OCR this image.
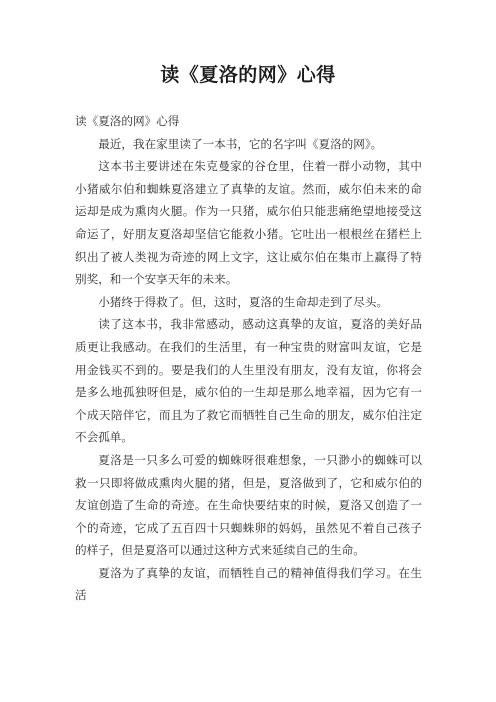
读《夏洛的网》心得

读《夏洛的网》心得

最近，我在家里读了一本书，它的名字叫《夏洛的网》。

这本书主要讲述在朱克曼家的谷仓里，住着一群小动物，其中小猪威尔伯和蜘蛛夏洛建立了真挚的友谊。然而，威尔伯未来的命运却是成为熏肉火腿。作为一只猪，威尔伯只能悲痛绝望地接受这命运了，好朋友夏洛却坚信它能救小猪。它吐出一根根丝在猪栏上织出了被人类视为奇迹的网上文字，这让威尔伯在集市上赢得了特别奖，和一个安享天年的未来。

小猪终于得救了。但，这时，夏洛的生命却走到了尽头。

读了这本书，我非常感动，感动这真挚的友谊，夏洛的美好品质更让我感动。在我们的生活里，有一种宝贵的财富叫友谊，它是用金钱买不到的。要是我们的人生里没有朋友，没有友谊，你将会是多么地孤独呀但是，威尔伯的一生却是那么地幸福，因为它有一个成天陪伴它，而且为了救它而牺牲自己生命的朋友，威尔伯注定不会孤单。

夏洛是一只多么可爱的蜘蛛呀很难想象，一只渺小的蜘蛛可以救一只即将做成熏肉火腿的猪，但是，夏洛做到了，它和威尔伯的友谊创造了生命的奇迹。在生命快要结束的时候，夏洛又创造了一个的奇迹，它成了五百四十只蜘蛛卵的妈妈，虽然见不着自己孩子的样子，但是夏洛可以通过这种方式来延续自己的生命。

夏洛为了真挚的友谊，而牺牲自己的精神值得我们学习。在生活
